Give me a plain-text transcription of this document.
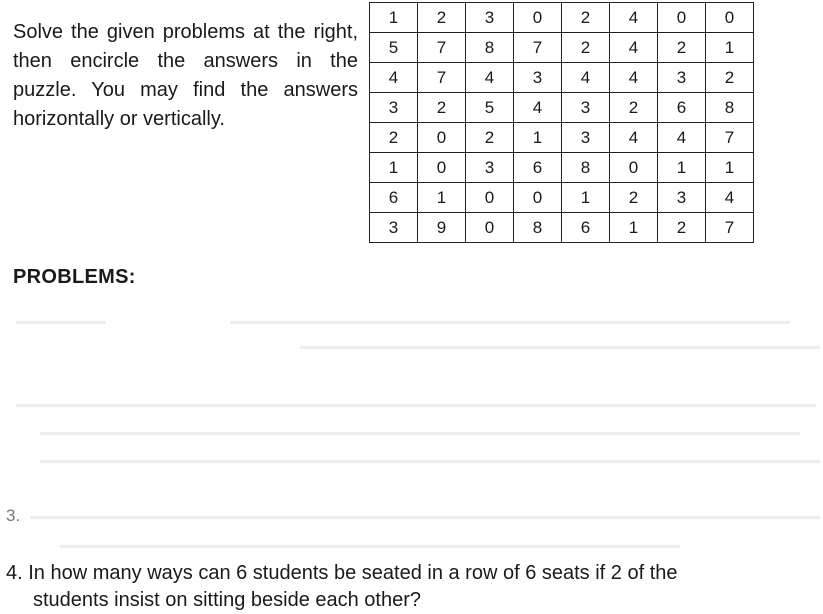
Solve the given problems at the right, then encircle the answers in the puzzle. You may find the answers horizontally or vertically.
1	2	3	0	2	4	0	0
5	7	8	7	2	4	2	1
4	7	4	3	4	4	3	2
3	2	5	4	3	2	6	8
2	0	2	1	3	4	4	7
1	0	3	6	8	0	1	1
6	1	0	0	1	2	3	4
3	9	0	8	6	1	2	7
PROBLEMS:
3.
4. In how many ways can 6 students be seated in a row of 6 seats if 2 of the
students insist on sitting beside each other?
